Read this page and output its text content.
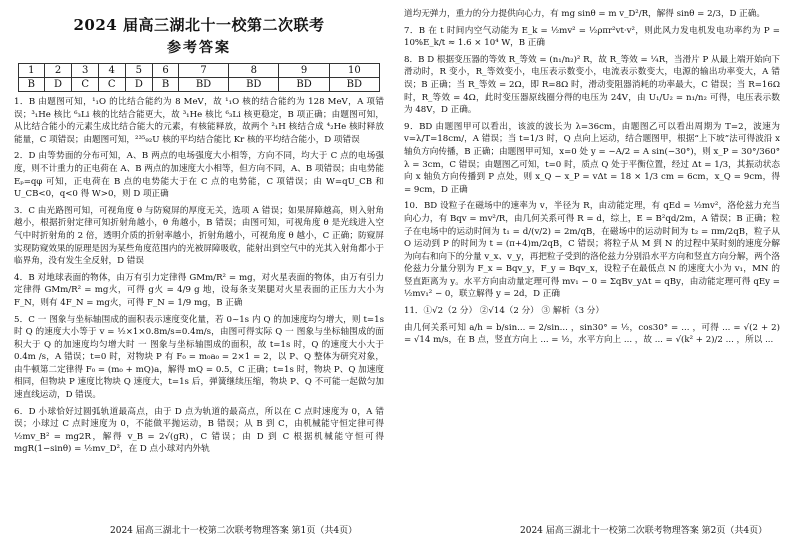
2024 届高三湖北十一校第二次联考
参考答案
1	2	3	4	5	6	7	8	9	10
B	D	C	C	D	B	BD	BD	BD	BD

1．B 由题图可知，¹₁O 的比结合能约为 8 MeV，故 ¹₁O 核的结合能约为 128 MeV，A 项错误；³₁He 核比 ⁶₃Li 核的比结合能更大，故 ³₁He 核比 ⁶₃Li 核更稳定，B 项正确；由题图可知，从比结合能小的元素生成比结合能大的元素，有核能释放，故两个 ²₁H 核结合成 ⁴₂He 核时释放能量，C 项错误；由题图可知，²³⁵₉₂U 核的平均结合能比 Kr 核的平均结合能小，D 项错误

2．D 由等势面的分布可知，A、B 两点的电场强度大小相等，方向不同，均大于 C 点的电场强度，则不计重力的正电荷在 A、B 两点的加速度大小相等，但方向不同，A、B 项错误；由电势能 Eₚ=qφ 可知，正电荷在 B 点的电势能大于在 C 点的电势能，C 项错误；由 W=qU_CB 和 U_CB<0，q<0 得 W>0，则 D 项正确

3．C 由光路图可知，可视角度 θ 与防窥屏的厚度无关，选项 A 错误；如果屏障越高，则入射角越小，根据折射定律可知折射角越小，θ 角越小，B 错误；由图可知，可视角度 θ 是光线进入空气中时折射角的 2 倍，透明介质的折射率越小，折射角越小，可视角度 θ 越小，C 正确；防窥屏实现防窥效果的原理是因为某些角度范围内的光被屏障吸收，能射出到空气中的光其入射角都小于临界角，没有发生全反射，D 错误

4．B 对地球表面的物体，由万有引力定律得 GMm/R² = mg，对火星表面的物体，由万有引力定律得 GMm/R² = mg火，可得 g火 = 4/9 g 地，设每条支架腿对火星表面的正压力大小为 F_N，则有 4F_N = mg火，可得 F_N = 1/9 mg，B 正确

5．C 一 图象与坐标轴围成的面积表示速度变化量，若 0~1s 内 Q 的加速度均匀增大，则 t=1s 时 Q 的速度大小等于 v = ½×1×0.8m/s=0.4m/s，由图可得实际 Q 一 图象与坐标轴围成的面积大于 Q 的加速度均匀增大时 一 图象与坐标轴围成的面积，故 t=1s 时，Q 的速度大小大于 0.4m /s，A 错误；t=0 时，对物块 P 有 F₀ = m₀a₀ = 2×1 = 2，以 P、Q 整体为研究对象，由牛顿第二定律得 F₀ = (m₀ + mQ)a，解得 mQ = 0.5，C 正确；t=1s 时，物块 P、Q 加速度相同，但物块 P 速度比物块 Q 速度大，t=1s 后，弹簧继续压缩，物块 P、Q 不可能一起做匀加速直线运动，D 错误。

6．D 小球恰好过圆弧轨道最高点，由于 D 点为轨道的最高点，所以在 C 点时速度为 0，A 错误；小球过 C 点时速度为 0，不能做平抛运动，B 错误；从 B 到 C，由机械能守恒定律可得 ½mv_B² = mg2R，解得 v_B = 2√(gR)，C 错误；由 D 到 C 根据机械能守恒可得 mgR(1−sinθ) = ½mv_D²，在 D 点小球对内外轨

道均无弹力，重力的分力提供向心力，有 mg sinθ = m v_D²/R，解得 sinθ = 2/3，D 正确。

7．B 在 t 时间内空气动能为 E_k = ½mv² = ½ρπr²vt·v²，则此风力发电机发电功率约为 P = 10%E_k/t ≈ 1.6 × 10⁴ W，B 正确

8．B D 根据变压器的等效 R_等效 = (n₁/n₂)² R，故 R_等效 = ¼R，当滑片 P 从最上端开始向下滑动时，R 变小，R_等效变小，电压表示数变小，电流表示数变大，电源的输出功率变大，A 错误；B 正确；当 R_等效 = 2Ω，即 R=8Ω 时，滑动变阻器消耗的功率最大，C 错误；当 R=16Ω 时，R_等效 = 4Ω，此时变压器原线圈分得的电压为 24V，由 U₁/U₂ = n₁/n₂ 可得，电压表示数为 48V，D 正确。

9．BD 由题图甲可以看出，该波的波长为 λ=36cm，由题图乙可以看出周期为 T=2，波速为 v=λ/T=18cm/，A 错误；当 t=1/3 时，Q 点向上运动，结合题图甲，根据“上下坡”法可得波沿 x 轴负方向传播，B 正确；由题图甲可知，x=0 处 y = −A/2 = A sin(−30°)，则 x_P = 30°/360° λ = 3cm，C 错误；由题图乙可知，t=0 时，质点 Q 处于平衡位置，经过 Δt = 1/3，其振动状态向 x 轴负方向传播到 P 点处，则 x_Q − x_P = vΔt = 18 × 1/3 cm = 6cm，x_Q = 9cm，得 = 9cm，D 正确

10．BD 设粒子在磁场中的速率为 v，半径为 R，由动能定理，有 qEd = ½mv²，洛伦兹力充当向心力，有 Bqv = mv²/R，由几何关系可得 R = d，综上，E = B²qd/2m，A 错误；B 正确；粒子在电场中的运动时间为 t₁ = d/(v/2) = 2m/qB，在磁场中的运动时间为 t₂ = πm/2qB，粒子从 O 运动到 P 的时间为 t = (π+4)m/2qB，C 错误；将粒子从 M 到 N 的过程中某时刻的速度分解为向右和向下的分量 v_x、v_y，再把粒子受到的洛伦兹力分别沿水平方向和竖直方向分解，两个洛伦兹力分量分别为 F_x = Bqv_y，F_y = Bqv_x，设粒子在最低点 N 的速度大小为 v₁，MN 的竖直距离为 y。水平方向由动量定理可得 mv₁ − 0 = ΣqBv_yΔt = qBy，由动能定理可得 qEy = ½mv₁² − 0，联立解得 y = 2d，D 正确

11．①√2（2 分） ②√14（2 分） ③ 解析（3 分）

由几何关系可知 a/h = b/sin... = 2/sin... ，sin30° = ½，cos30° = ... ，可得 ... = √(2 + 2) = √14 m/s，在 B 点，竖直方向上 ... = ½，水平方向上 ... ，故 ... = √(k² + 2)/2 ... ，所以 ...

2024 届高三湖北十一校第二次联考物理答案 第1页（共4页）	2024 届高三湖北十一校第二次联考物理答案 第2页（共4页）
